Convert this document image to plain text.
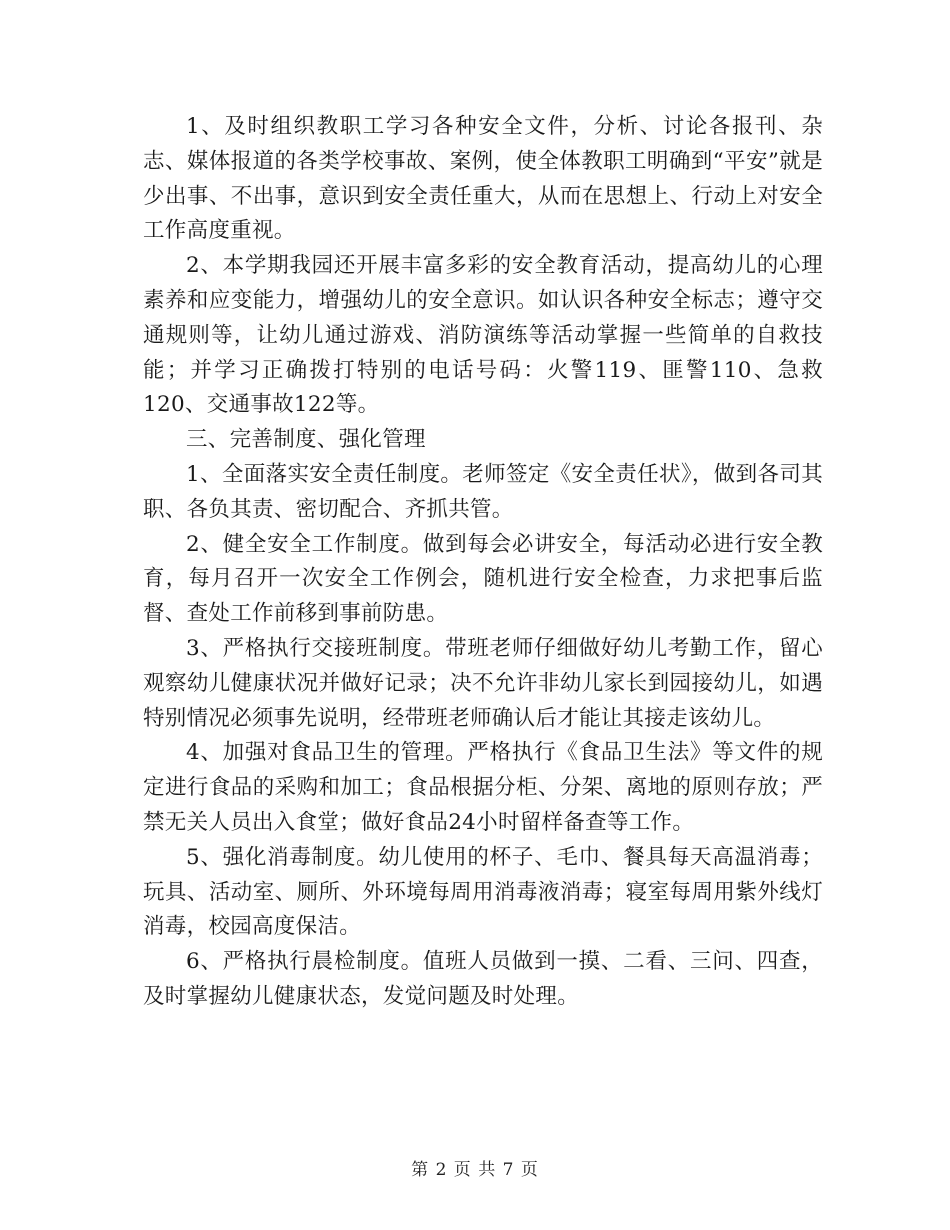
1、及时组织教职工学习各种安全文件，分析、讨论各报刊、杂志、媒体报道的各类学校事故、案例，使全体教职工明确到“平安”就是少出事、不出事，意识到安全责任重大，从而在思想上、行动上对安全工作高度重视。

2、本学期我园还开展丰富多彩的安全教育活动，提高幼儿的心理素养和应变能力，增强幼儿的安全意识。如认识各种安全标志；遵守交通规则等，让幼儿通过游戏、消防演练等活动掌握一些简单的自救技能；并学习正确拨打特别的电话号码：火警119、匪警110、急救120、交通事故122等。

三、完善制度、强化管理

1、全面落实安全责任制度。老师签定《安全责任状》，做到各司其职、各负其责、密切配合、齐抓共管。

2、健全安全工作制度。做到每会必讲安全，每活动必进行安全教育，每月召开一次安全工作例会，随机进行安全检查，力求把事后监督、查处工作前移到事前防患。

3、严格执行交接班制度。带班老师仔细做好幼儿考勤工作，留心观察幼儿健康状况并做好记录；决不允许非幼儿家长到园接幼儿，如遇特别情况必须事先说明，经带班老师确认后才能让其接走该幼儿。

4、加强对食品卫生的管理。严格执行《食品卫生法》等文件的规定进行食品的采购和加工；食品根据分柜、分架、离地的原则存放；严禁无关人员出入食堂；做好食品24小时留样备查等工作。

5、强化消毒制度。幼儿使用的杯子、毛巾、餐具每天高温消毒；玩具、活动室、厕所、外环境每周用消毒液消毒；寝室每周用紫外线灯消毒，校园高度保洁。

6、严格执行晨检制度。值班人员做到一摸、二看、三问、四查，及时掌握幼儿健康状态，发觉问题及时处理。

第 2 页 共 7 页
